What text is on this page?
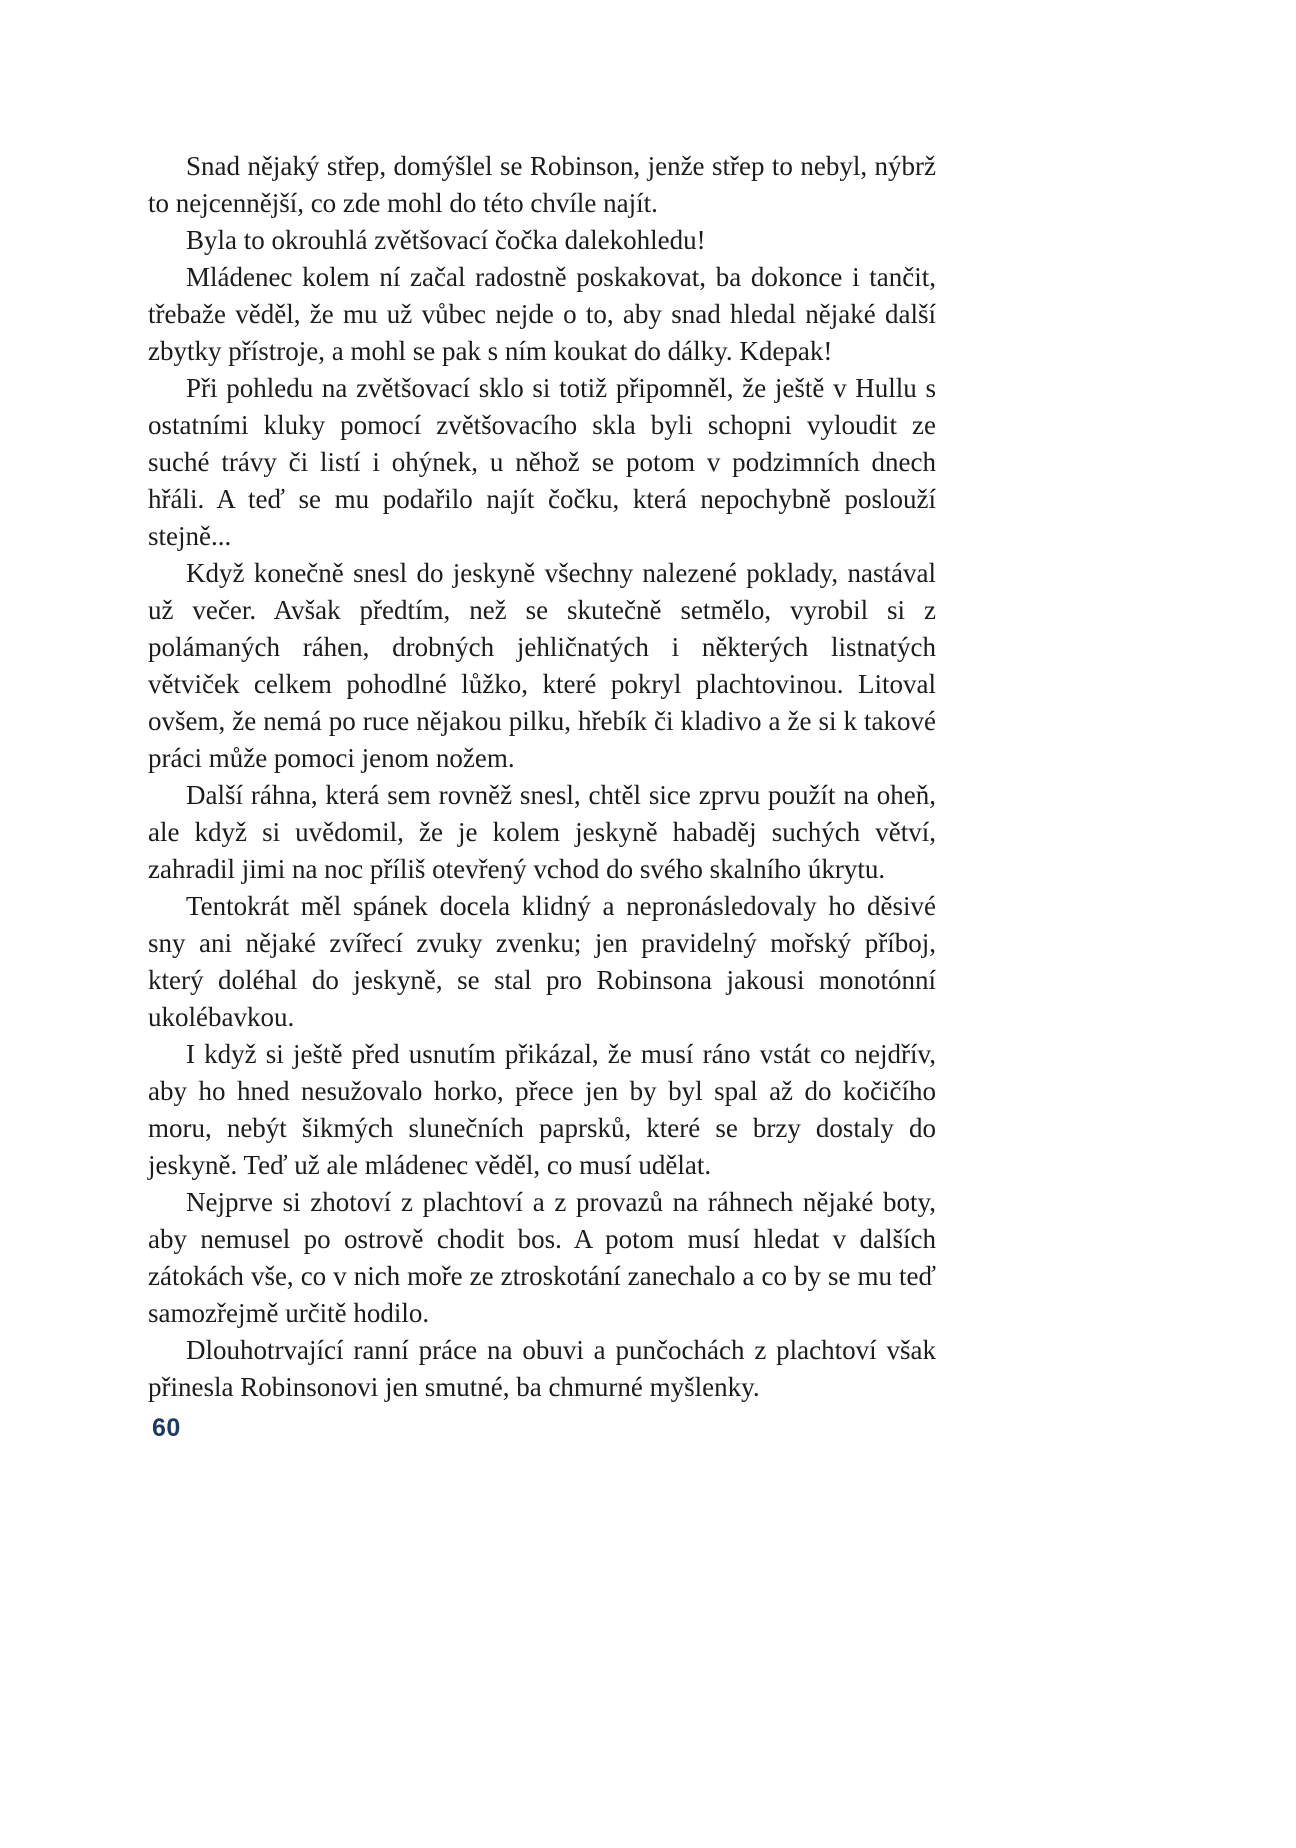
Snad nějaký střep, domýšlel se Robinson, jenže střep to nebyl, nýbrž to nejcennější, co zde mohl do této chvíle najít.

Byla to okrouhlá zvětšovací čočka dalekohledu!

Mládenec kolem ní začal radostně poskakovat, ba dokonce i tančit, třebaže věděl, že mu už vůbec nejde o to, aby snad hledal nějaké další zbytky přístroje, a mohl se pak s ním koukat do dálky. Kdepak!

Při pohledu na zvětšovací sklo si totiž připomněl, že ještě v Hullu s ostatními kluky pomocí zvětšovacího skla byli schopni vyloudit ze suché trávy či listí i ohýnek, u něhož se potom v podzimních dnech hřáli. A teď se mu podařilo najít čočku, která nepochybně poslouží stejně...

Když konečně snesl do jeskyně všechny nalezené poklady, nastával už večer. Avšak předtím, než se skutečně setmělo, vyrobil si z polámaných ráhen, drobných jehličnatých i některých listnatých větviček celkem pohodlné lůžko, které pokryl plachtovinou. Litoval ovšem, že nemá po ruce nějakou pilku, hřebík či kladivo a že si k takové práci může pomoci jenom nožem.

Další ráhna, která sem rovněž snesl, chtěl sice zprvu použít na oheň, ale když si uvědomil, že je kolem jeskyně habaděj suchých větví, zahradil jimi na noc příliš otevřený vchod do svého skalního úkrytu.

Tentokrát měl spánek docela klidný a nepronásledovaly ho děsivé sny ani nějaké zvířecí zvuky zvenku; jen pravidelný mořský příboj, který doléhal do jeskyně, se stal pro Robinsona jakousi monotónní ukolébavkou.

I když si ještě před usnutím přikázal, že musí ráno vstát co nejdřív, aby ho hned nesužovalo horko, přece jen by byl spal až do kočičího moru, nebýt šikmých slunečních paprsků, které se brzy dostaly do jeskyně. Teď už ale mládenec věděl, co musí udělat.

Nejprve si zhotoví z plachtoví a z provazů na ráhnech nějaké boty, aby nemusel po ostrově chodit bos. A potom musí hledat v dalších zátokách vše, co v nich moře ze ztroskotání zanechalo a co by se mu teď samozřejmě určitě hodilo.

Dlouhotrvající ranní práce na obuvi a punčochách z plachtoví však přinesla Robinsonovi jen smutné, ba chmurné myšlenky.

60
